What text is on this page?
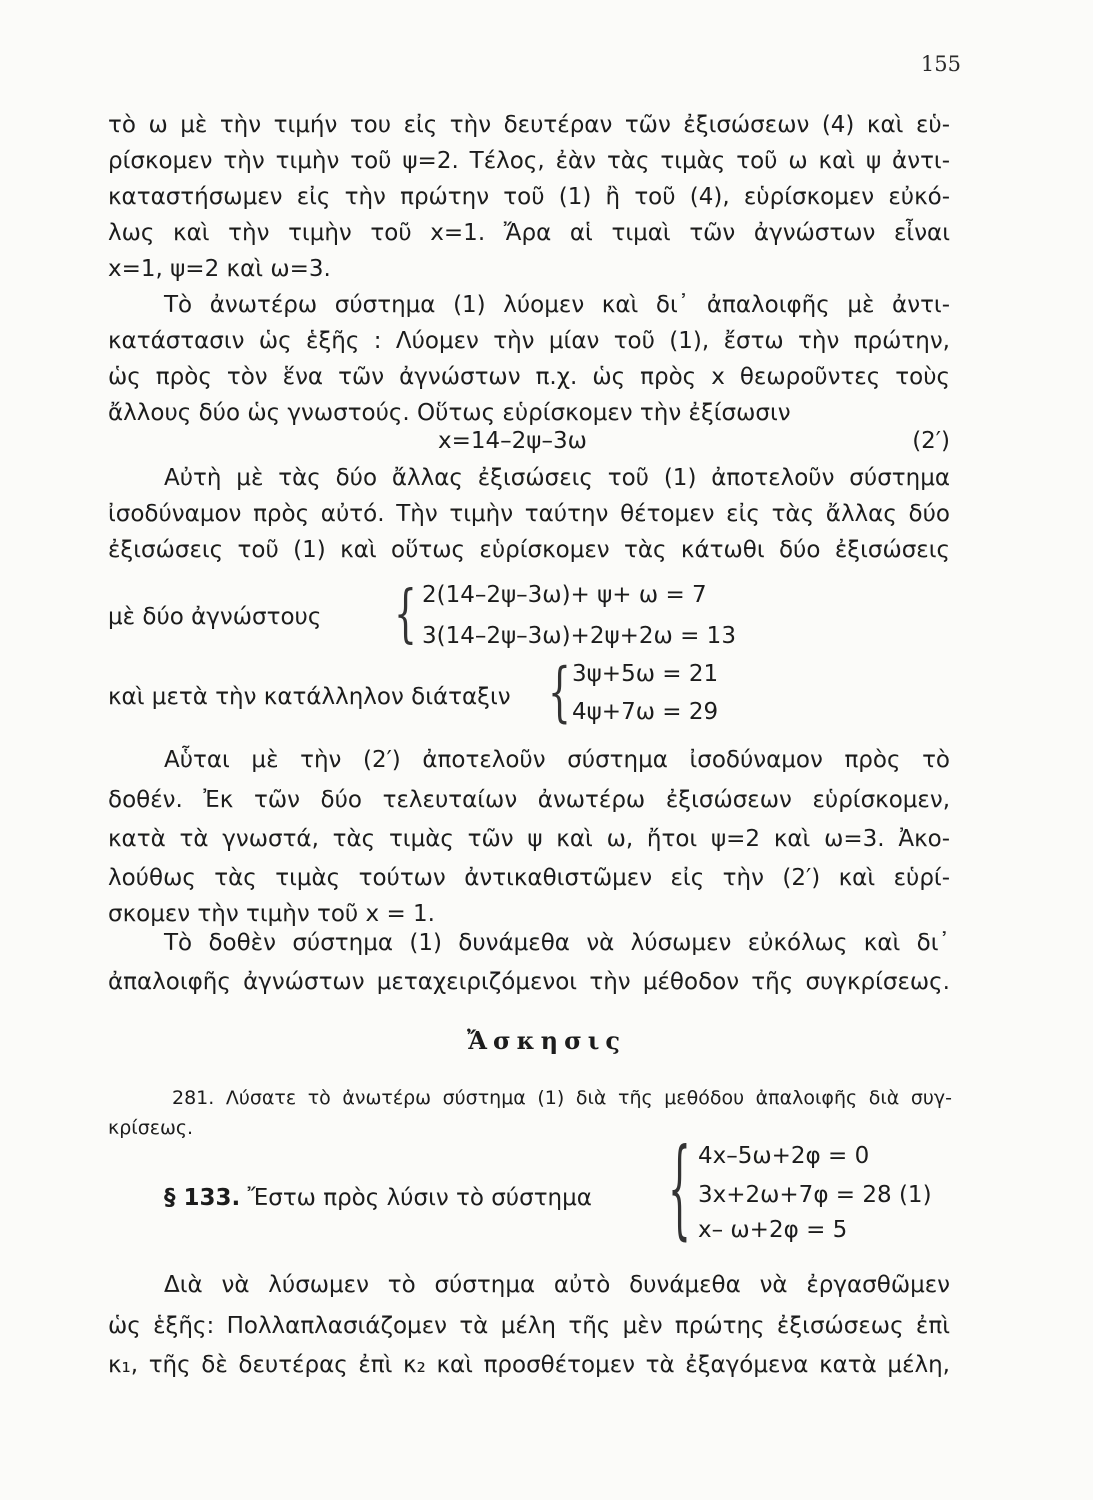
155
τὸ ω μὲ τὴν τιμήν του εἰς τὴν δευτέραν τῶν ἐξισώσεων (4) καὶ εὑ-
ρίσκομεν τὴν τιμὴν τοῦ ψ=2. Τέλος, ἐὰν τὰς τιμὰς τοῦ ω καὶ ψ ἀντι-
καταστήσωμεν εἰς τὴν πρώτην τοῦ (1) ἢ τοῦ (4), εὑρίσκομεν εὐκό-
λως καὶ τὴν τιμὴν τοῦ x=1. Ἄρα αἱ τιμαὶ τῶν ἀγνώστων εἶναι
x=1, ψ=2 καὶ ω=3.
Τὸ ἀνωτέρω σύστημα (1) λύομεν καὶ δι᾽ ἀπαλοιφῆς μὲ ἀντι-
κατάστασιν ὡς ἑξῆς : Λύομεν τὴν μίαν τοῦ (1), ἔστω τὴν πρώτην,
ὡς πρὸς τὸν ἕνα τῶν ἀγνώστων π.χ. ὡς πρὸς x θεωροῦντες τοὺς
ἄλλους δύο ὡς γνωστούς. Οὕτως εὑρίσκομεν τὴν ἐξίσωσιν
x=14–2ψ–3ω	(2′)
Αὐτὴ μὲ τὰς δύο ἄλλας ἐξισώσεις τοῦ (1) ἀποτελοῦν σύστημα
ἰσοδύναμον πρὸς αὐτό. Τὴν τιμὴν ταύτην θέτομεν εἰς τὰς ἄλλας δύο
ἐξισώσεις τοῦ (1) καὶ οὕτως εὑρίσκομεν τὰς κάτωθι δύο ἐξισώσεις
μὲ δύο ἀγνώστους { 2(14–2ψ–3ω)+ ψ+ ω = 7
3(14–2ψ–3ω)+2ψ+2ω = 13
καὶ μετὰ τὴν κατάλληλον διάταξιν { 3ψ+5ω = 21
4ψ+7ω = 29
Αὗται μὲ τὴν (2′) ἀποτελοῦν σύστημα ἰσοδύναμον πρὸς τὸ
δοθέν. Ἐκ τῶν δύο τελευταίων ἀνωτέρω ἐξισώσεων εὑρίσκομεν,
κατὰ τὰ γνωστά, τὰς τιμὰς τῶν ψ καὶ ω, ἤτοι ψ=2 καὶ ω=3. Ἀκο-
λούθως τὰς τιμὰς τούτων ἀντικαθιστῶμεν εἰς τὴν (2′) καὶ εὑρί-
σκομεν τὴν τιμὴν τοῦ x = 1.
Τὸ δοθὲν σύστημα (1) δυνάμεθα νὰ λύσωμεν εὐκόλως καὶ δι᾽
ἀπαλοιφῆς ἀγνώστων μεταχειριζόμενοι τὴν μέθοδον τῆς συγκρίσεως.
Ἄσκησις
281. Λύσατε τὸ ἀνωτέρω σύστημα (1) διὰ τῆς μεθόδου ἀπαλοιφῆς διὰ συγ-
κρίσεως.
§ 133. Ἔστω πρὸς λύσιν τὸ σύστημα { 4x–5ω+2φ = 0
3x+2ω+7φ = 28 (1)
x– ω+2φ = 5
Διὰ νὰ λύσωμεν τὸ σύστημα αὐτὸ δυνάμεθα νὰ ἐργασθῶμεν
ὡς ἑξῆς: Πολλαπλασιάζομεν τὰ μέλη τῆς μὲν πρώτης ἐξισώσεως ἐπὶ
κ₁, τῆς δὲ δευτέρας ἐπὶ κ₂ καὶ προσθέτομεν τὰ ἐξαγόμενα κατὰ μέλη,
